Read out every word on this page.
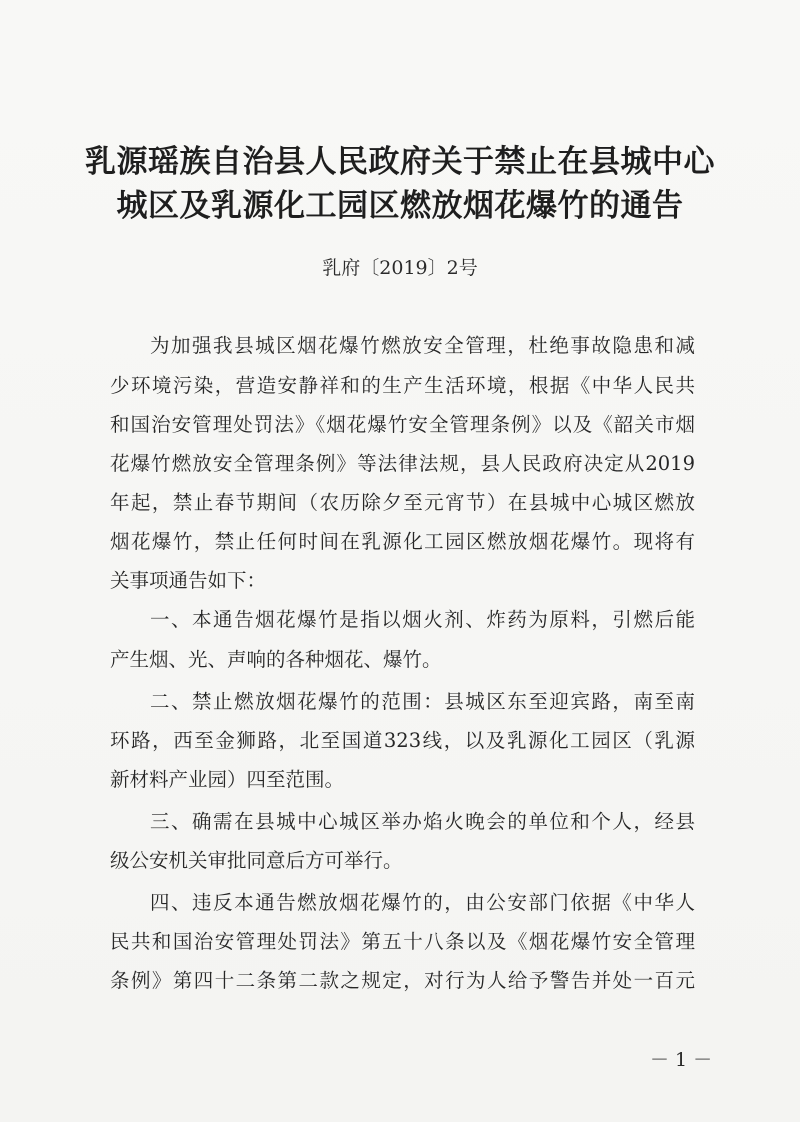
乳源瑶族自治县人民政府关于禁止在县城中心
城区及乳源化工园区燃放烟花爆竹的通告
乳府〔2019〕2号
为加强我县城区烟花爆竹燃放安全管理，杜绝事故隐患和减
少环境污染，营造安静祥和的生产生活环境，根据《中华人民共
和国治安管理处罚法》《烟花爆竹安全管理条例》以及《韶关市烟
花爆竹燃放安全管理条例》等法律法规，县人民政府决定从2019
年起，禁止春节期间（农历除夕至元宵节）在县城中心城区燃放
烟花爆竹，禁止任何时间在乳源化工园区燃放烟花爆竹。现将有
关事项通告如下：
一、本通告烟花爆竹是指以烟火剂、炸药为原料，引燃后能
产生烟、光、声响的各种烟花、爆竹。
二、禁止燃放烟花爆竹的范围：县城区东至迎宾路，南至南
环路，西至金狮路，北至国道323线，以及乳源化工园区（乳源
新材料产业园）四至范围。
三、确需在县城中心城区举办焰火晚会的单位和个人，经县
级公安机关审批同意后方可举行。
四、违反本通告燃放烟花爆竹的，由公安部门依据《中华人
民共和国治安管理处罚法》第五十八条以及《烟花爆竹安全管理
条例》第四十二条第二款之规定，对行为人给予警告并处一百元
－ 1 －
